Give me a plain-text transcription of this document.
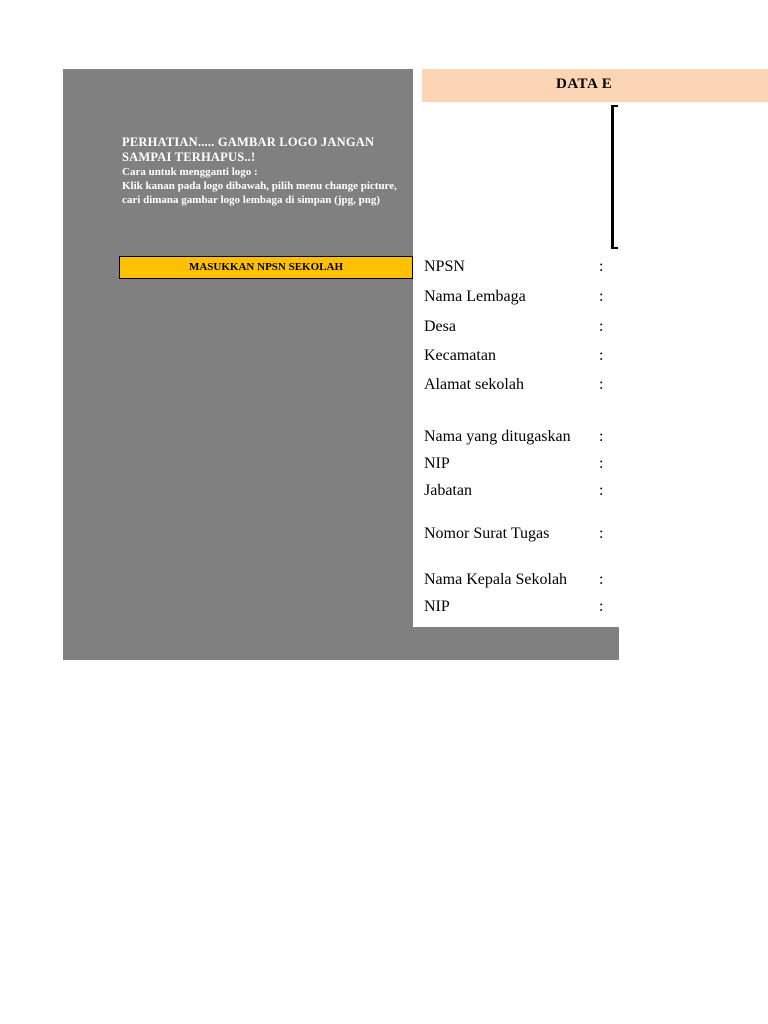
DATA E
PERHATIAN..... GAMBAR LOGO JANGAN SAMPAI TERHAPUS..!
Cara untuk mengganti logo :
Klik kanan pada logo dibawah, pilih menu change picture, cari dimana gambar logo lembaga di simpan (jpg, png)
MASUKKAN NPSN SEKOLAH	NPSN	:
Nama Lembaga	:
Desa	:
Kecamatan	:
Alamat sekolah	:
Nama yang ditugaskan :
NIP	:
Jabatan	:
Nomor Surat Tugas	:
Nama Kepala Sekolah :
NIP	:
